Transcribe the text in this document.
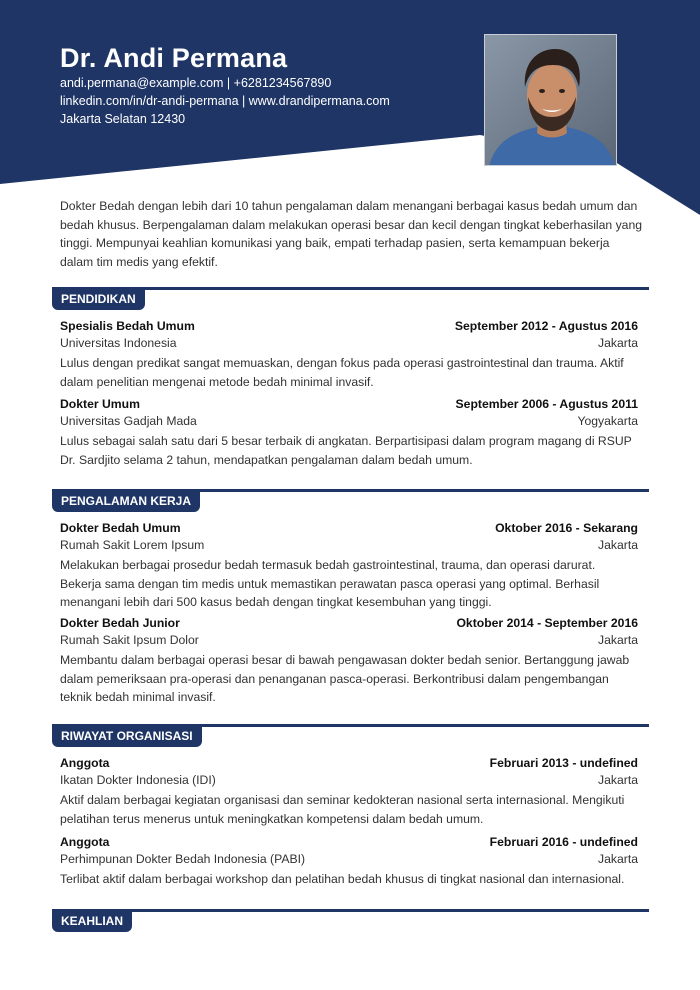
Dr. Andi Permana
andi.permana@example.com | +6281234567890
linkedin.com/in/dr-andi-permana | www.drandipermana.com
Jakarta Selatan 12430
Dokter Bedah dengan lebih dari 10 tahun pengalaman dalam menangani berbagai kasus bedah umum dan bedah khusus. Berpengalaman dalam melakukan operasi besar dan kecil dengan tingkat keberhasilan yang tinggi. Mempunyai keahlian komunikasi yang baik, empati terhadap pasien, serta kemampuan bekerja dalam tim medis yang efektif.
PENDIDIKAN
Spesialis Bedah Umum	September 2012 - Agustus 2016
Universitas Indonesia	Jakarta
Lulus dengan predikat sangat memuaskan, dengan fokus pada operasi gastrointestinal dan trauma. Aktif dalam penelitian mengenai metode bedah minimal invasif.
Dokter Umum	September 2006 - Agustus 2011
Universitas Gadjah Mada	Yogyakarta
Lulus sebagai salah satu dari 5 besar terbaik di angkatan. Berpartisipasi dalam program magang di RSUP Dr. Sardjito selama 2 tahun, mendapatkan pengalaman dalam bedah umum.
PENGALAMAN KERJA
Dokter Bedah Umum	Oktober 2016 - Sekarang
Rumah Sakit Lorem Ipsum	Jakarta
Melakukan berbagai prosedur bedah termasuk bedah gastrointestinal, trauma, dan operasi darurat. Bekerja sama dengan tim medis untuk memastikan perawatan pasca operasi yang optimal. Berhasil menangani lebih dari 500 kasus bedah dengan tingkat kesembuhan yang tinggi.
Dokter Bedah Junior	Oktober 2014 - September 2016
Rumah Sakit Ipsum Dolor	Jakarta
Membantu dalam berbagai operasi besar di bawah pengawasan dokter bedah senior. Bertanggung jawab dalam pemeriksaan pra-operasi dan penanganan pasca-operasi. Berkontribusi dalam pengembangan teknik bedah minimal invasif.
RIWAYAT ORGANISASI
Anggota	Februari 2013 - undefined
Ikatan Dokter Indonesia (IDI)	Jakarta
Aktif dalam berbagai kegiatan organisasi dan seminar kedokteran nasional serta internasional. Mengikuti pelatihan terus menerus untuk meningkatkan kompetensi dalam bedah umum.
Anggota	Februari 2016 - undefined
Perhimpunan Dokter Bedah Indonesia (PABI)	Jakarta
Terlibat aktif dalam berbagai workshop dan pelatihan bedah khusus di tingkat nasional dan internasional.
KEAHLIAN
